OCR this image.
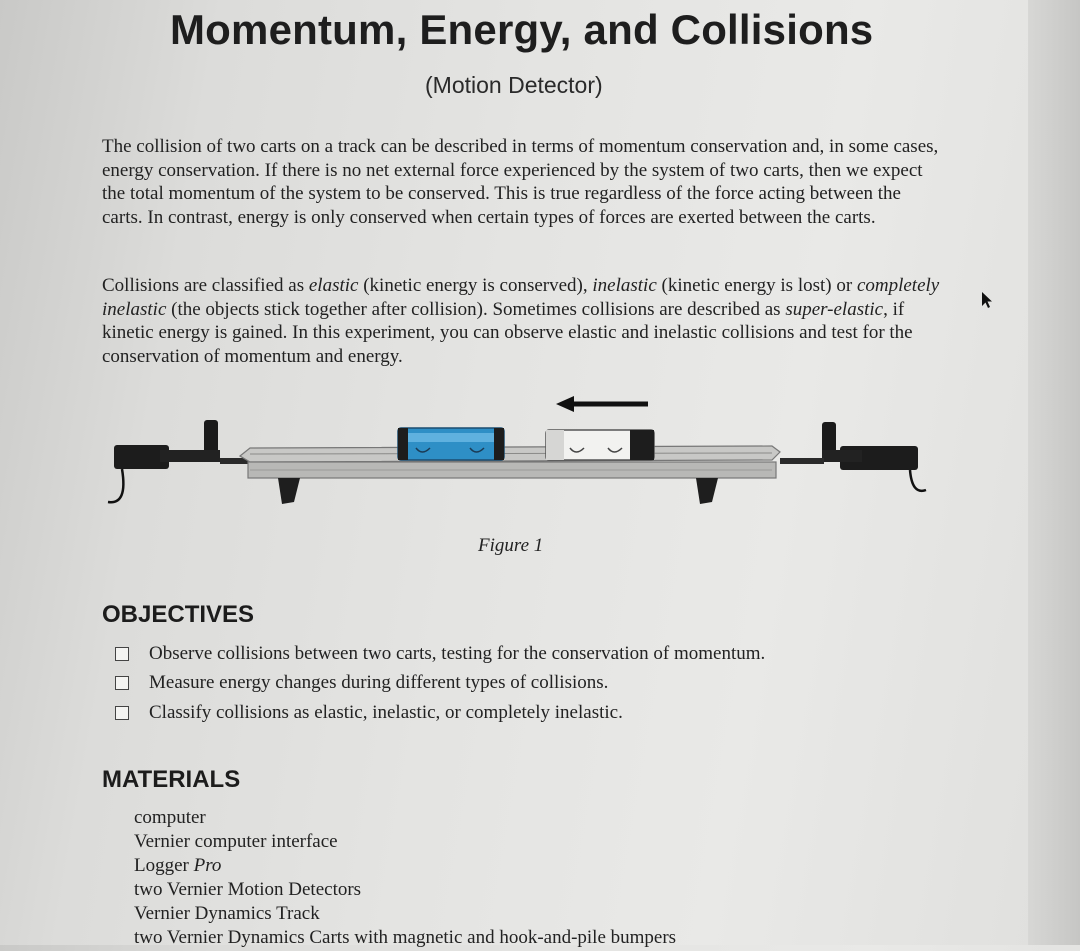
Momentum, Energy, and Collisions
(Motion Detector)

The collision of two carts on a track can be described in terms of momentum conservation and, in some cases, energy conservation. If there is no net external force experienced by the system of two carts, then we expect the total momentum of the system to be conserved. This is true regardless of the force acting between the carts. In contrast, energy is only conserved when certain types of forces are exerted between the carts.

Collisions are classified as elastic (kinetic energy is conserved), inelastic (kinetic energy is lost) or completely inelastic (the objects stick together after collision). Sometimes collisions are described as super-elastic, if kinetic energy is gained. In this experiment, you can observe elastic and inelastic collisions and test for the conservation of momentum and energy.

Figure 1
OBJECTIVES
Observe collisions between two carts, testing for the conservation of momentum.
Measure energy changes during different types of collisions.
Classify collisions as elastic, inelastic, or completely inelastic.
MATERIALS
computer
Vernier computer interface
Logger Pro
two Vernier Motion Detectors
Vernier Dynamics Track
two Vernier Dynamics Carts with magnetic and hook-and-pile bumpers
